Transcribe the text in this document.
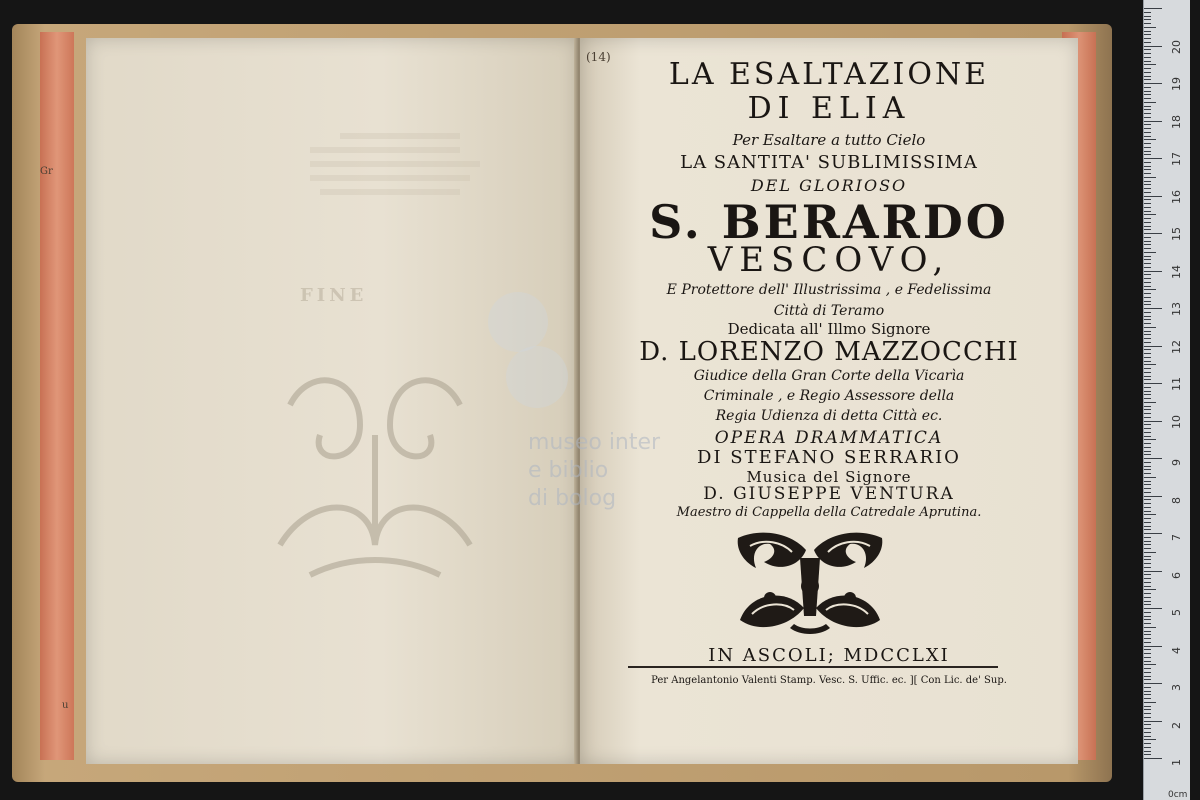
FINE
Gr
u
museo inter
e biblio
di bolog
(14)	LA ESALTAZIONE
DI ELIA
Per Esaltare a tutto Cielo
LA SANTITA' SUBLIMISSIMA
DEL GLORIOSO
S. BERARDO
VESCOVO,
E Protettore dell' Illustrissima , e Fedelissima
Città di Teramo
Dedicata all' Illmo Signore
D. LORENZO MAZZOCCHI
Giudice della Gran Corte della Vicarìa
Criminale , e Regio Assessore della
Regia Udienza di detta Città ec.
OPERA DRAMMATICA
DI STEFANO SERRARIO
Musica del Signore
D. GIUSEPPE VENTURA
Maestro di Cappella della Catredale Aprutina.
IN ASCOLI; MDCCLXI
Per Angelantonio Valenti Stamp. Vesc. S. Uffic. ec. ][ Con Lic. de' Sup.
20
19
18
17
16
15
14
13
12
11
10
9
8
7
6
5
4
3
2
1
0cm
